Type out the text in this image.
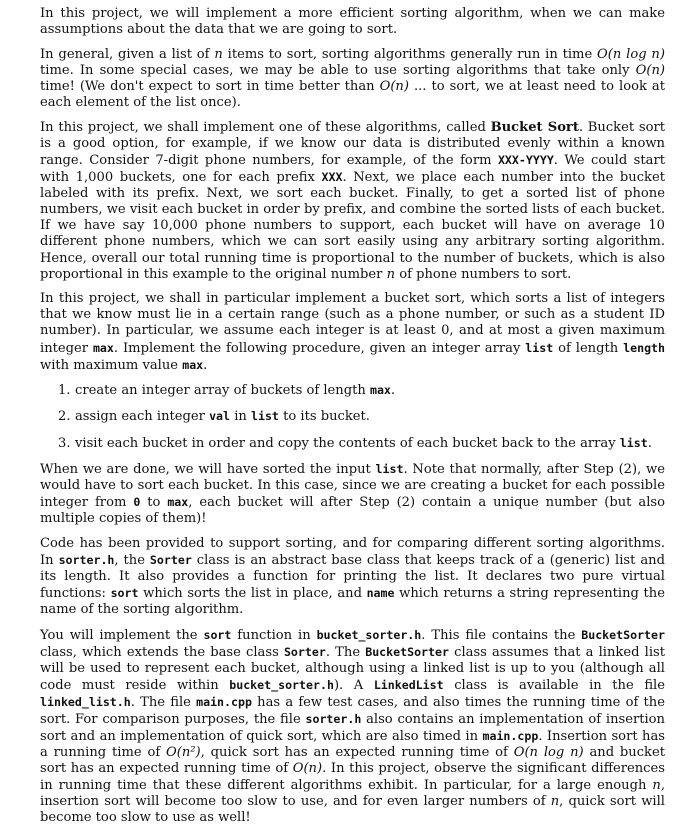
In this project, we will implement a more efficient sorting algorithm, when we can make assumptions about the data that we are going to sort.

In general, given a list of n items to sort, sorting algorithms generally run in time O(n log n) time. In some special cases, we may be able to use sorting algorithms that take only O(n) time! (We don't expect to sort in time better than O(n) ... to sort, we at least need to look at each element of the list once).

In this project, we shall implement one of these algorithms, called Bucket Sort. Bucket sort is a good option, for example, if we know our data is distributed evenly within a known range. Consider 7-digit phone numbers, for example, of the form XXX-YYYY. We could start with 1,000 buckets, one for each prefix XXX. Next, we place each number into the bucket labeled with its prefix. Next, we sort each bucket. Finally, to get a sorted list of phone numbers, we visit each bucket in order by prefix, and combine the sorted lists of each bucket. If we have say 10,000 phone numbers to support, each bucket will have on average 10 different phone numbers, which we can sort easily using any arbitrary sorting algorithm. Hence, overall our total running time is proportional to the number of buckets, which is also proportional in this example to the original number n of phone numbers to sort.

In this project, we shall in particular implement a bucket sort, which sorts a list of integers that we know must lie in a certain range (such as a phone number, or such as a student ID number). In particular, we assume each integer is at least 0, and at most a given maximum integer max. Implement the following procedure, given an integer array list of length length with maximum value max.

1. create an integer array of buckets of length max.
2. assign each integer val in list to its bucket.
3. visit each bucket in order and copy the contents of each bucket back to the array list.

When we are done, we will have sorted the input list. Note that normally, after Step (2), we would have to sort each bucket. In this case, since we are creating a bucket for each possible integer from 0 to max, each bucket will after Step (2) contain a unique number (but also multiple copies of them)!

Code has been provided to support sorting, and for comparing different sorting algorithms. In sorter.h, the Sorter class is an abstract base class that keeps track of a (generic) list and its length. It also provides a function for printing the list. It declares two pure virtual functions: sort which sorts the list in place, and name which returns a string representing the name of the sorting algorithm.

You will implement the sort function in bucket_sorter.h. This file contains the BucketSorter class, which extends the base class Sorter. The BucketSorter class assumes that a linked list will be used to represent each bucket, although using a linked list is up to you (although all code must reside within bucket_sorter.h). A LinkedList class is available in the file linked_list.h. The file main.cpp has a few test cases, and also times the running time of the sort. For comparison purposes, the file sorter.h also contains an implementation of insertion sort and an implementation of quick sort, which are also timed in main.cpp. Insertion sort has a running time of O(n²), quick sort has an expected running time of O(n log n) and bucket sort has an expected running time of O(n). In this project, observe the significant differences in running time that these different algorithms exhibit. In particular, for a large enough n, insertion sort will become too slow to use, and for even larger numbers of n, quick sort will become too slow to use as well!
